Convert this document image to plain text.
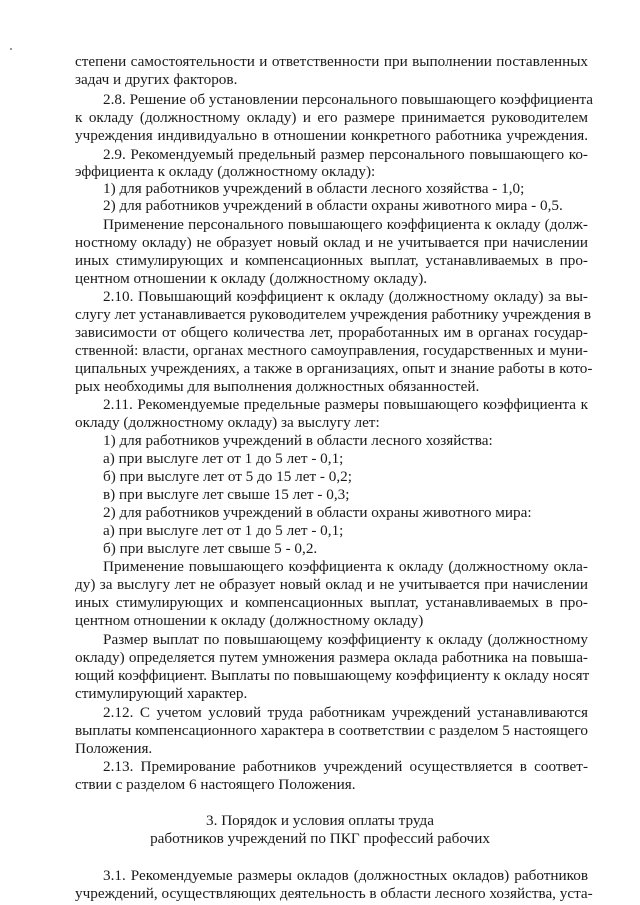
степени самостоятельности и ответственности при выполнении поставленных
задач и других факторов.
2.8. Решение об установлении персонального повышающего коэффициента
к окладу (должностному окладу) и его размере принимается руководителем
учреждения индивидуально в отношении конкретного работника учреждения.
2.9. Рекомендуемый предельный размер персонального повышающего ко-
эффициента к окладу (должностному окладу):
1) для работников учреждений в области лесного хозяйства - 1,0;
2) для работников учреждений в области охраны животного мира - 0,5.
Применение персонального повышающего коэффициента к окладу (долж-
ностному окладу) не образует новый оклад и не учитывается при начислении
иных стимулирующих и компенсационных выплат, устанавливаемых в про-
центном отношении к окладу (должностному окладу).
2.10. Повышающий коэффициент к окладу (должностному окладу) за вы-
слугу лет устанавливается руководителем учреждения работнику учреждения в
зависимости от общего количества лет, проработанных им в органах государ-
ственной: власти, органах местного самоуправления, государственных и муни-
ципальных учреждениях, а также в организациях, опыт и знание работы в кото-
рых необходимы для выполнения должностных обязанностей.
2.11. Рекомендуемые предельные размеры повышающего коэффициента к
окладу (должностному окладу) за выслугу лет:
1) для работников учреждений в области лесного хозяйства:
а) при выслуге лет от 1 до 5 лет - 0,1;
б) при выслуге лет от 5 до 15 лет - 0,2;
в) при выслуге лет свыше 15 лет - 0,3;
2) для работников учреждений в области охраны животного мира:
а) при выслуге лет от 1 до 5 лет - 0,1;
б) при выслуге лет свыше 5 - 0,2.
Применение повышающего коэффициента к окладу (должностному окла-
ду) за выслугу лет не образует новый оклад и не учитывается при начислении
иных стимулирующих и компенсационных выплат, устанавливаемых в про-
центном отношении к окладу (должностному окладу)
Размер выплат по повышающему коэффициенту к окладу (должностному
окладу) определяется путем умножения размера оклада работника на повыша-
ющий коэффициент. Выплаты по повышающему коэффициенту к окладу носят
стимулирующий характер.
2.12. С учетом условий труда работникам учреждений устанавливаются
выплаты компенсационного характера в соответствии с разделом 5 настоящего
Положения.
2.13. Премирование работников учреждений осуществляется в соответ-
ствии с разделом 6 настоящего Положения.
3. Порядок и условия оплаты труда
работников учреждений по ПКГ профессий рабочих
3.1. Рекомендуемые размеры окладов (должностных окладов) работников
учреждений, осуществляющих деятельность в области лесного хозяйства, уста-
